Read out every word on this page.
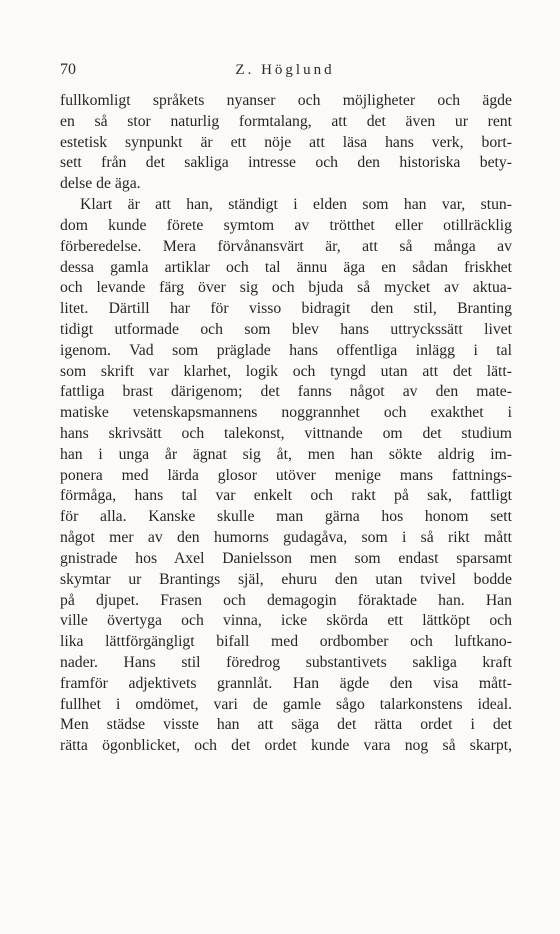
70	Z. Höglund
fullkomligt språkets nyanser och möjligheter och ägde
en så stor naturlig formtalang, att det även ur rent
estetisk synpunkt är ett nöje att läsa hans verk, bort-
sett från det sakliga intresse och den historiska bety-
delse de äga.
Klart är att han, ständigt i elden som han var, stun-
dom kunde förete symtom av trötthet eller otillräcklig
förberedelse. Mera förvånansvärt är, att så många av
dessa gamla artiklar och tal ännu äga en sådan friskhet
och levande färg över sig och bjuda så mycket av aktua-
litet. Därtill har för visso bidragit den stil, Branting
tidigt utformade och som blev hans uttryckssätt livet
igenom. Vad som präglade hans offentliga inlägg i tal
som skrift var klarhet, logik och tyngd utan att det lätt-
fattliga brast därigenom; det fanns något av den mate-
matiske vetenskapsmannens noggrannhet och exakthet i
hans skrivsätt och talekonst, vittnande om det studium
han i unga år ägnat sig åt, men han sökte aldrig im-
ponera med lärda glosor utöver menige mans fattnings-
förmåga, hans tal var enkelt och rakt på sak, fattligt
för alla. Kanske skulle man gärna hos honom sett
något mer av den humorns gudagåva, som i så rikt mått
gnistrade hos Axel Danielsson men som endast sparsamt
skymtar ur Brantings själ, ehuru den utan tvivel bodde
på djupet. Frasen och demagogin föraktade han. Han
ville övertyga och vinna, icke skörda ett lättköpt och
lika lättförgängligt bifall med ordbomber och luftkano-
nader. Hans stil föredrog substantivets sakliga kraft
framför adjektivets grannlåt. Han ägde den visa mått-
fullhet i omdömet, vari de gamle sågo talarkonstens ideal.
Men städse visste han att säga det rätta ordet i det
rätta ögonblicket, och det ordet kunde vara nog så skarpt,
